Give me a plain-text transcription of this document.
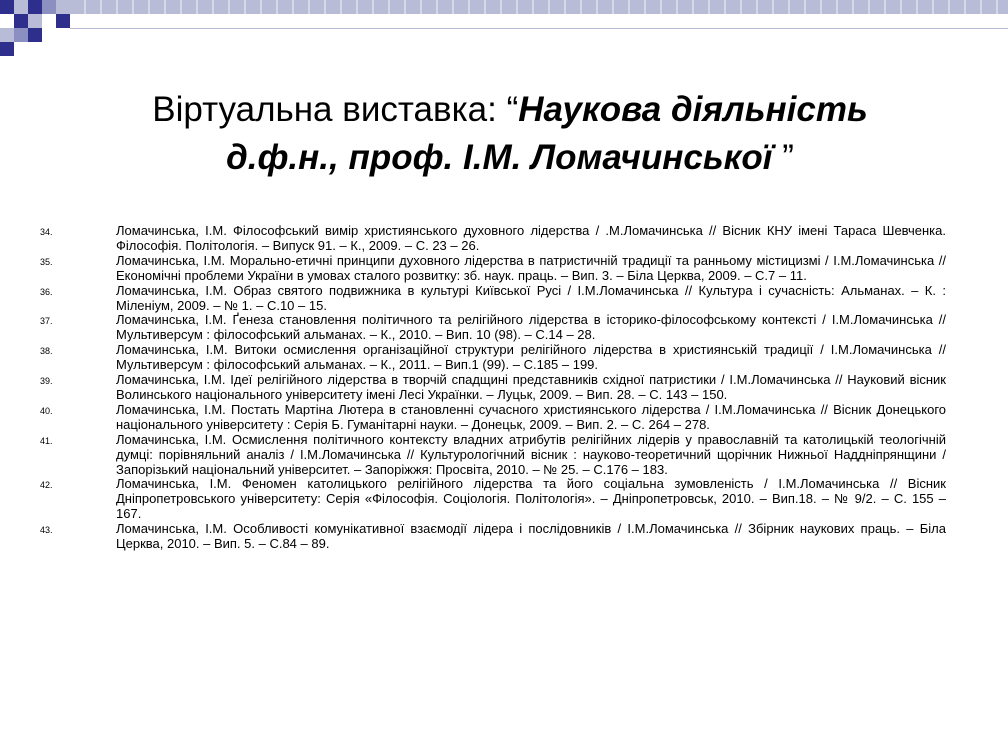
Віртуальна виставка: “Наукова діяльність
д.ф.н., проф. І.М. Ломачинської ”
34.	Ломачинська, І.М. Філософський вимір християнського духовного лідерства / .М.Ломачинська // Вісник КНУ імені Тараса Шевченка. Філософія. Політологія. – Випуск 91. – К., 2009. – С. 23 – 26.
35.	Ломачинська, І.М. Морально-етичні принципи духовного лідерства в патристичній традиції та ранньому містицизмі / І.М.Ломачинська // Економічні проблеми України в умовах сталого розвитку: зб. наук. праць. – Вип. 3. – Біла Церква, 2009. – С.7 – 11.
36.	Ломачинська, І.М. Образ святого подвижника в культурі Київської Русі / І.М.Ломачинська // Культура і сучасність: Альманах. – К. : Міленіум, 2009. – № 1. – С.10 – 15.
37.	Ломачинська, І.М. Ґенеза становлення політичного та релігійного лідерства в історико-філософському контексті / І.М.Ломачинська // Мультиверсум : філософський альманах. – К., 2010. – Вип. 10 (98). – С.14 – 28.
38.	Ломачинська, І.М. Витоки осмислення організаційної структури релігійного лідерства в християнській традиції / І.М.Ломачинська // Мультиверсум : філософський альманах. – К., 2011. – Вип.1 (99). – С.185 – 199.
39.	Ломачинська, І.М. Ідеї релігійного лідерства в творчій спадщині представників східної патристики / І.М.Ломачинська // Науковий вісник Волинського національного університету імені Лесі Українки. – Луцьк, 2009. – Вип. 28. – С. 143 – 150.
40.	Ломачинська, І.М. Постать Мартіна Лютера в становленні сучасного християнського лідерства / І.М.Ломачинська // Вісник Донецького національного університету : Серія Б. Гуманітарні науки. – Донецьк, 2009. – Вип. 2. – С. 264 – 278.
41.	Ломачинська, І.М. Осмислення політичного контексту владних атрибутів релігійних лідерів у православній та католицькій теологічній думці: порівняльний аналіз / І.М.Ломачинська // Культурологічний вісник : науково-теоретичний щорічник Нижньої Наддніпрянщини / Запорізький національний університет. – Запоріжжя: Просвіта, 2010. – № 25. – С.176 – 183.
42.	Ломачинська, І.М. Феномен католицького релігійного лідерства та його соціальна зумовленість / І.М.Ломачинська // Вісник Дніпропетровського університету: Серія «Філософія. Соціологія. Політологія». – Дніпропетровськ, 2010. – Вип.18. – № 9/2. – С. 155 – 167.
43.	Ломачинська, І.М. Особливості комунікативної взаємодії лідера і послідовників / І.М.Ломачинська // Збірник наукових праць. – Біла Церква, 2010. – Вип. 5. – С.84 – 89.
